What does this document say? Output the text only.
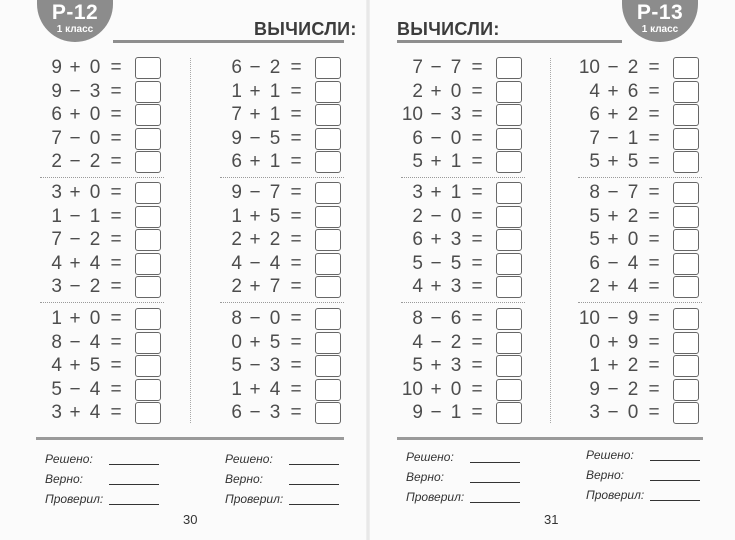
Р-12
1 класс	ВЫЧИСЛИ:
9 + 0 =
9 − 3 =
6 + 0 =
7 − 0 =
2 − 2 =
3 + 0 =
1 − 1 =
7 − 2 =
4 + 4 =
3 − 2 =
1 + 0 =
8 − 4 =
4 + 5 =
5 − 4 =
3 + 4 =
6 − 2 =
1 + 1 =
7 + 1 =
9 − 5 =
6 + 1 =
9 − 7 =
1 + 5 =
2 + 2 =
4 − 4 =
2 + 7 =
8 − 0 =
0 + 5 =
5 − 3 =
1 + 4 =
6 − 3 =
Решено:
Верно:
Проверил:
Решено:
Верно:
Проверил:
30
Р-13
1 класс
ВЫЧИСЛИ:
7 − 7 =
2 + 0 =
10 − 3 =
6 − 0 =
5 + 1 =
3 + 1 =
2 − 0 =
6 + 3 =
5 − 5 =
4 + 3 =
8 − 6 =
4 − 2 =
5 + 3 =
10 + 0 =
9 − 1 =
10 − 2 =
4 + 6 =
6 + 2 =
7 − 1 =
5 + 5 =
8 − 7 =
5 + 2 =
5 + 0 =
6 − 4 =
2 + 4 =
10 − 9 =
0 + 9 =
1 + 2 =
9 − 2 =
3 − 0 =
Решено:
Верно:
Проверил:
Решено:
Верно:
Проверил:
31
